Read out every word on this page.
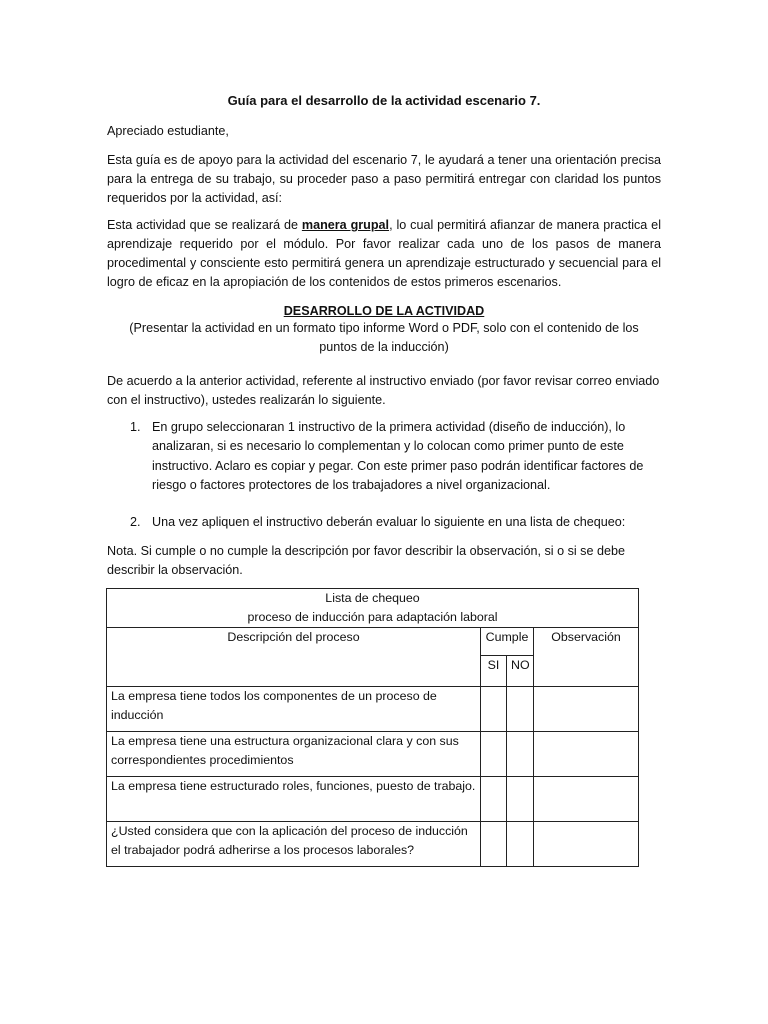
Guía para el desarrollo de la actividad escenario 7.
Apreciado estudiante,
Esta guía es de apoyo para la actividad del escenario 7, le ayudará a tener una orientación precisa para la entrega de su trabajo, su proceder paso a paso permitirá entregar con claridad los puntos requeridos por la actividad, así:
Esta actividad que se realizará de manera grupal, lo cual permitirá afianzar de manera practica el aprendizaje requerido por el módulo. Por favor realizar cada uno de los pasos de manera procedimental y consciente esto permitirá genera un aprendizaje estructurado y secuencial para el logro de eficaz en la apropiación de los contenidos de estos primeros escenarios.
DESARROLLO DE LA ACTIVIDAD
(Presentar la actividad en un formato tipo informe Word o PDF, solo con el contenido de los puntos de la inducción)
De acuerdo a la anterior actividad, referente al instructivo enviado (por favor revisar correo enviado con el instructivo), ustedes realizarán lo siguiente.
1. En grupo seleccionaran 1 instructivo de la primera actividad (diseño de inducción), lo analizaran, si es necesario lo complementan y lo colocan como primer punto de este instructivo. Aclaro es copiar y pegar. Con este primer paso podrán identificar factores de riesgo o factores protectores de los trabajadores a nivel organizacional.
2. Una vez apliquen el instructivo deberán evaluar lo siguiente en una lista de chequeo:
Nota. Si cumple o no cumple la descripción por favor describir la observación, si o si se debe describir la observación.
Lista de chequeo
proceso de inducción para adaptación laboral			

Descripción del proceso	Cumple		Observación
	SI	NO	
La empresa tiene todos los componentes de un proceso de inducción			
La empresa tiene una estructura organizacional clara y con sus correspondientes procedimientos			
La empresa tiene estructurado roles, funciones, puesto de trabajo.			
¿Usted considera que con la aplicación del proceso de inducción el trabajador podrá adherirse a los procesos laborales?			
